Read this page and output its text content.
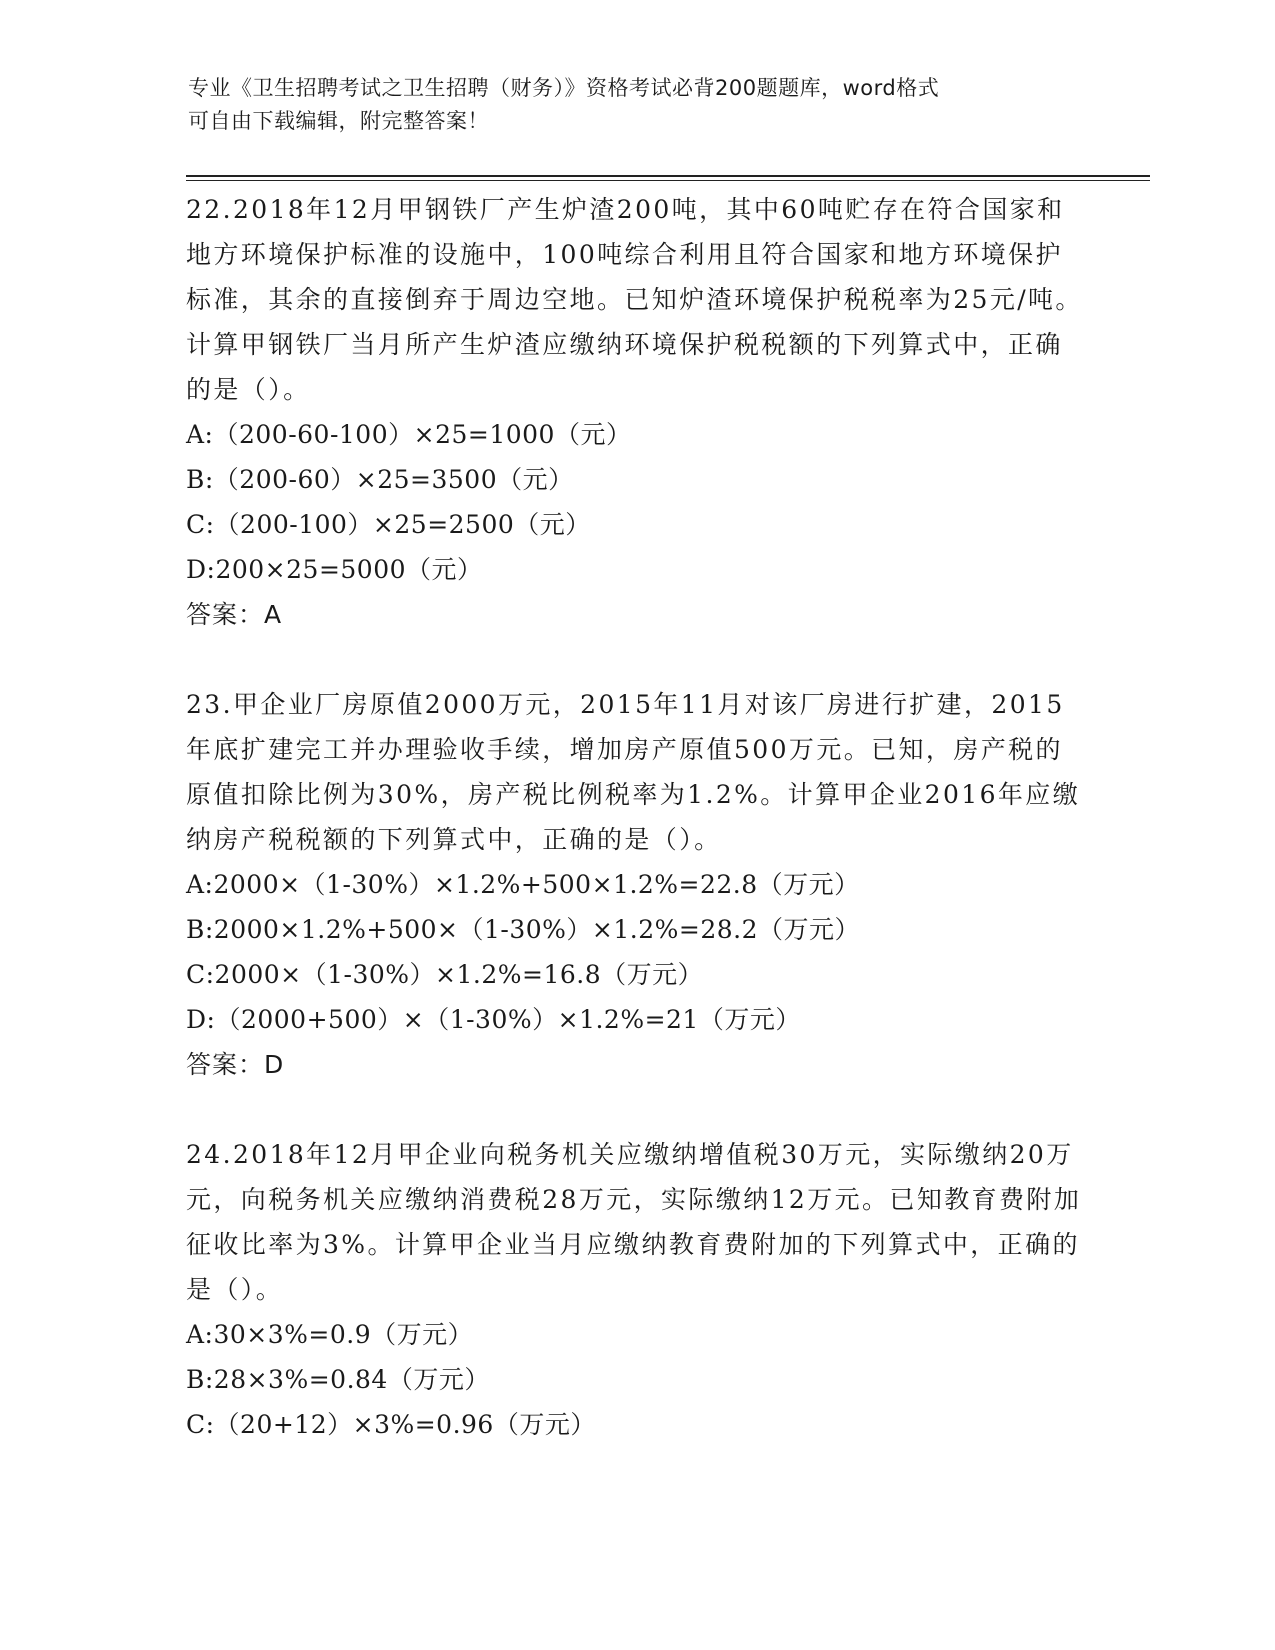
专业《卫生招聘考试之卫生招聘（财务）》资格考试必背200题题库，word格式
可自由下载编辑，附完整答案！

22.2018年12月甲钢铁厂产生炉渣200吨，其中60吨贮存在符合国家和地方环境保护标准的设施中，100吨综合利用且符合国家和地方环境保护标准，其余的直接倒弃于周边空地。已知炉渣环境保护税税率为25元/吨。计算甲钢铁厂当月所产生炉渣应缴纳环境保护税税额的下列算式中，正确的是（）。

A:（200-60-100）×25=1000（元）

B:（200-60）×25=3500（元）

C:（200-100）×25=2500（元）

D:200×25=5000（元）

答案：A

23.甲企业厂房原值2000万元，2015年11月对该厂房进行扩建，2015年底扩建完工并办理验收手续，增加房产原值500万元。已知，房产税的原值扣除比例为30%，房产税比例税率为1.2%。计算甲企业2016年应缴纳房产税税额的下列算式中，正确的是（）。

A:2000×（1-30%）×1.2%+500×1.2%=22.8（万元）

B:2000×1.2%+500×（1-30%）×1.2%=28.2（万元）

C:2000×（1-30%）×1.2%=16.8（万元）

D:（2000+500）×（1-30%）×1.2%=21（万元）

答案：D

24.2018年12月甲企业向税务机关应缴纳增值税30万元，实际缴纳20万元，向税务机关应缴纳消费税28万元，实际缴纳12万元。已知教育费附加征收比率为3%。计算甲企业当月应缴纳教育费附加的下列算式中，正确的是（）。

A:30×3%=0.9（万元）

B:28×3%=0.84（万元）

C:（20+12）×3%=0.96（万元）
